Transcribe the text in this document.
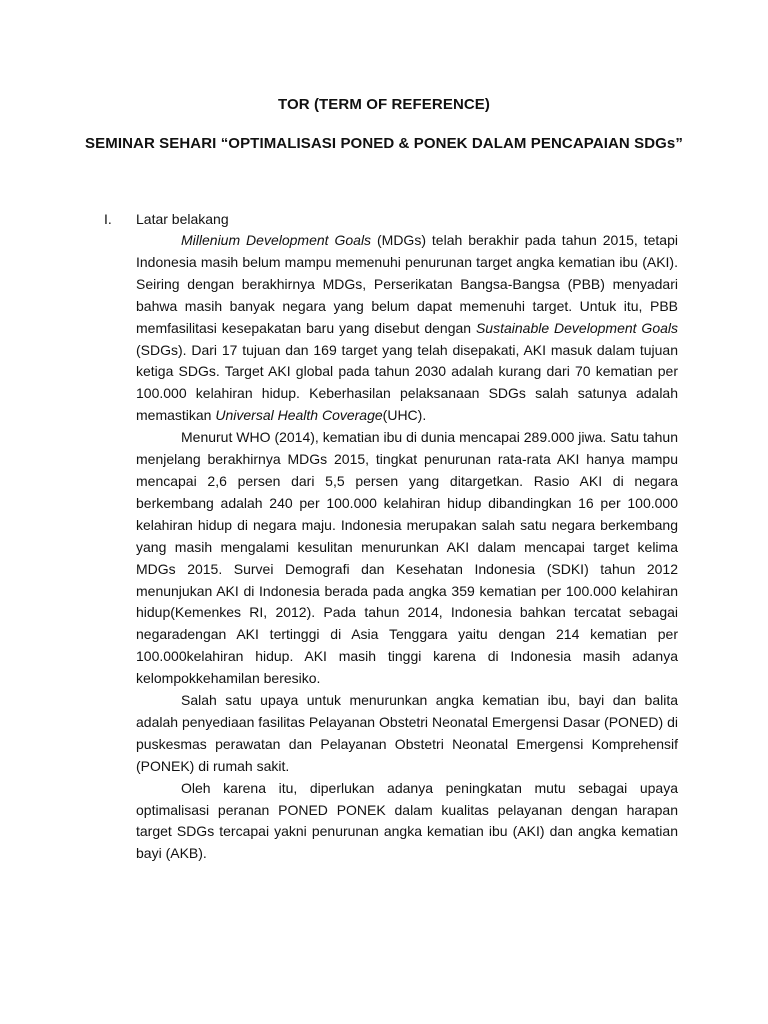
TOR (TERM OF REFERENCE)
SEMINAR SEHARI “OPTIMALISASI PONED & PONEK DALAM PENCAPAIAN SDGs”
I. Latar belakang

Millenium Development Goals (MDGs) telah berakhir pada tahun 2015, tetapi Indonesia masih belum mampu memenuhi penurunan target angka kematian ibu (AKI). Seiring dengan berakhirnya MDGs, Perserikatan Bangsa-Bangsa (PBB) menyadari bahwa masih banyak negara yang belum dapat memenuhi target. Untuk itu, PBB memfasilitasi kesepakatan baru yang disebut dengan Sustainable Development Goals (SDGs). Dari 17 tujuan dan 169 target yang telah disepakati, AKI masuk dalam tujuan ketiga SDGs. Target AKI global pada tahun 2030 adalah kurang dari 70 kematian per 100.000 kelahiran hidup. Keberhasilan pelaksanaan SDGs salah satunya adalah memastikan Universal Health Coverage(UHC).

Menurut WHO (2014), kematian ibu di dunia mencapai 289.000 jiwa. Satu tahun menjelang berakhirnya MDGs 2015, tingkat penurunan rata-rata AKI hanya mampu mencapai 2,6 persen dari 5,5 persen yang ditargetkan. Rasio AKI di negara berkembang adalah 240 per 100.000 kelahiran hidup dibandingkan 16 per 100.000 kelahiran hidup di negara maju. Indonesia merupakan salah satu negara berkembang yang masih mengalami kesulitan menurunkan AKI dalam mencapai target kelima MDGs 2015. Survei Demografi dan Kesehatan Indonesia (SDKI) tahun 2012 menunjukan AKI di Indonesia berada pada angka 359 kematian per 100.000 kelahiran hidup(Kemenkes RI, 2012). Pada tahun 2014, Indonesia bahkan tercatat sebagai negaradengan AKI tertinggi di Asia Tenggara yaitu dengan 214 kematian per 100.000kelahiran hidup. AKI masih tinggi karena di Indonesia masih adanya kelompokkehamilan beresiko.

Salah satu upaya untuk menurunkan angka kematian ibu, bayi dan balita adalah penyediaan fasilitas Pelayanan Obstetri Neonatal Emergensi Dasar (PONED) di puskesmas perawatan dan Pelayanan Obstetri Neonatal Emergensi Komprehensif (PONEK) di rumah sakit.

Oleh karena itu, diperlukan adanya peningkatan mutu sebagai upaya optimalisasi peranan PONED PONEK dalam kualitas pelayanan dengan harapan target SDGs tercapai yakni penurunan angka kematian ibu (AKI) dan angka kematian bayi (AKB).
